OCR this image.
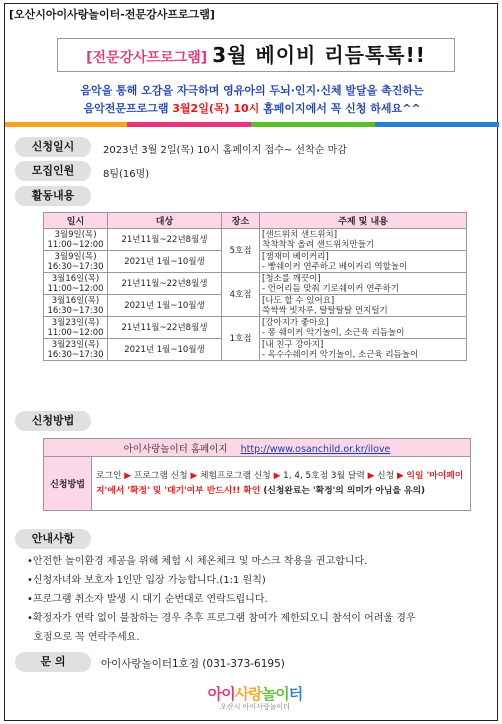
[오산시아이사랑놀이터-전문강사프로그램]
[전문강사프로그램] 3월 베이비 리듬톡톡!!
음악을 통해 오감을 자극하며 영유아의 두뇌·인지·신체 발달을 촉진하는
음악전문프로그램 3월2일(목) 10시 홈페이지에서 꼭 신청 하세요^^
신청일시	2023년 3월 2일(목) 10시 홈페이지 접수~ 선착순 마감
모집인원	8팀(16명)
활동내용
일시	대상	장소	주제 및 내용
3월9일(목)
11:00~12:00	21년11월~22년8월생	5호점	[샌드위치 샌드위치]
착착착착 올려 샌드위치만들기
3월9일(목)
16:30~17:30	2021년 1월~10월생		[잼재미 베이커리]
- 빵쉐이커 연주하고 베이커리 역할놀이
3월16일(목)
11:00~12:00	21년11월~22년8월생	4호점	[청소를 깨끗이]
- 언어리듬 맞춰 기로쉐이커 연주하기
3월16일(목)
16:30~17:30	2021년 1월~10월생		[나도 할 수 있어요]
쓱싹싹 빗자루, 탈탈탈탈 먼지털기
3월23일(목)
11:00~12:00	21년11월~22년8월생	1호점	[강아지가 좋아요]
- 퐁 쉐이커 악기놀이, 소근육 리듬놀이
3월23일(목)
16:30~17:30	2021년 1월~10월생		[내 친구 강아지]
- 옥수수쉐이커 악기놀이, 소근육 리듬놀이
신청방법
아이사랑놀이터 홈페이지 http://www.osanchild.or.kr/ilove
신청방법	로그인 ▶ 프로그램 신청 ▶ 체험프로그램 신청 ▶ 1, 4, 5호점 3월 달력 ▶ 신청 ▶ 익일 '마이페이지'에서 '확정' 및 '대기'여부 반드시!! 확인 (신청완료는 '확정'의 의미가 아님을 유의)
안내사항
•안전한 놀이환경 제공을 위해 체험 시 체온체크 및 마스크 착용을 권고합니다.
•신청자녀와 보호자 1인만 입장 가능합니다.(1:1 원칙)
•프로그램 취소자 발생 시 대기 순번대로 연락드립니다.
•확정자가 연락 없이 불참하는 경우 추후 프로그램 참여가 제한되오니 참석이 어려울 경우
호점으로 꼭 연락주세요.
문 의	아이사랑놀이터1호점 (031-373-6195)
아이사랑놀이터
오산시 아이사랑놀이터
